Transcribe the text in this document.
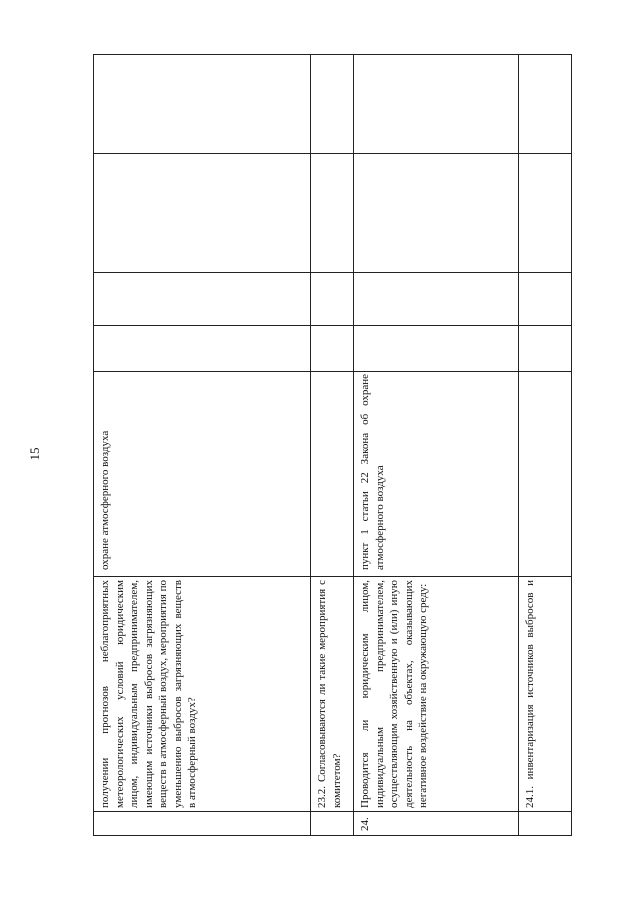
15
получении прогнозов неблагоприятных метеорологических условий юридическим лицом, индивидуальным предпринимателем, имеющим источники выбросов загрязняющих веществ в атмосферный воздух, мероприятия по уменьшению выбросов загрязняющих веществ в атмосферный воздух?
охране атмосферного воздуха
23.2. Согласовываются ли такие мероприятия с комитетом?
24.
Проводится ли юридическим лицом, индивидуальным предпринимателем, осуществляющим хозяйственную и (или) иную деятельность на объектах, оказывающих негативное воздействие на окружающую среду:
пункт 1 статьи 22 Закона об охране атмосферного воздуха
24.1. инвентаризация источников выбросов и
